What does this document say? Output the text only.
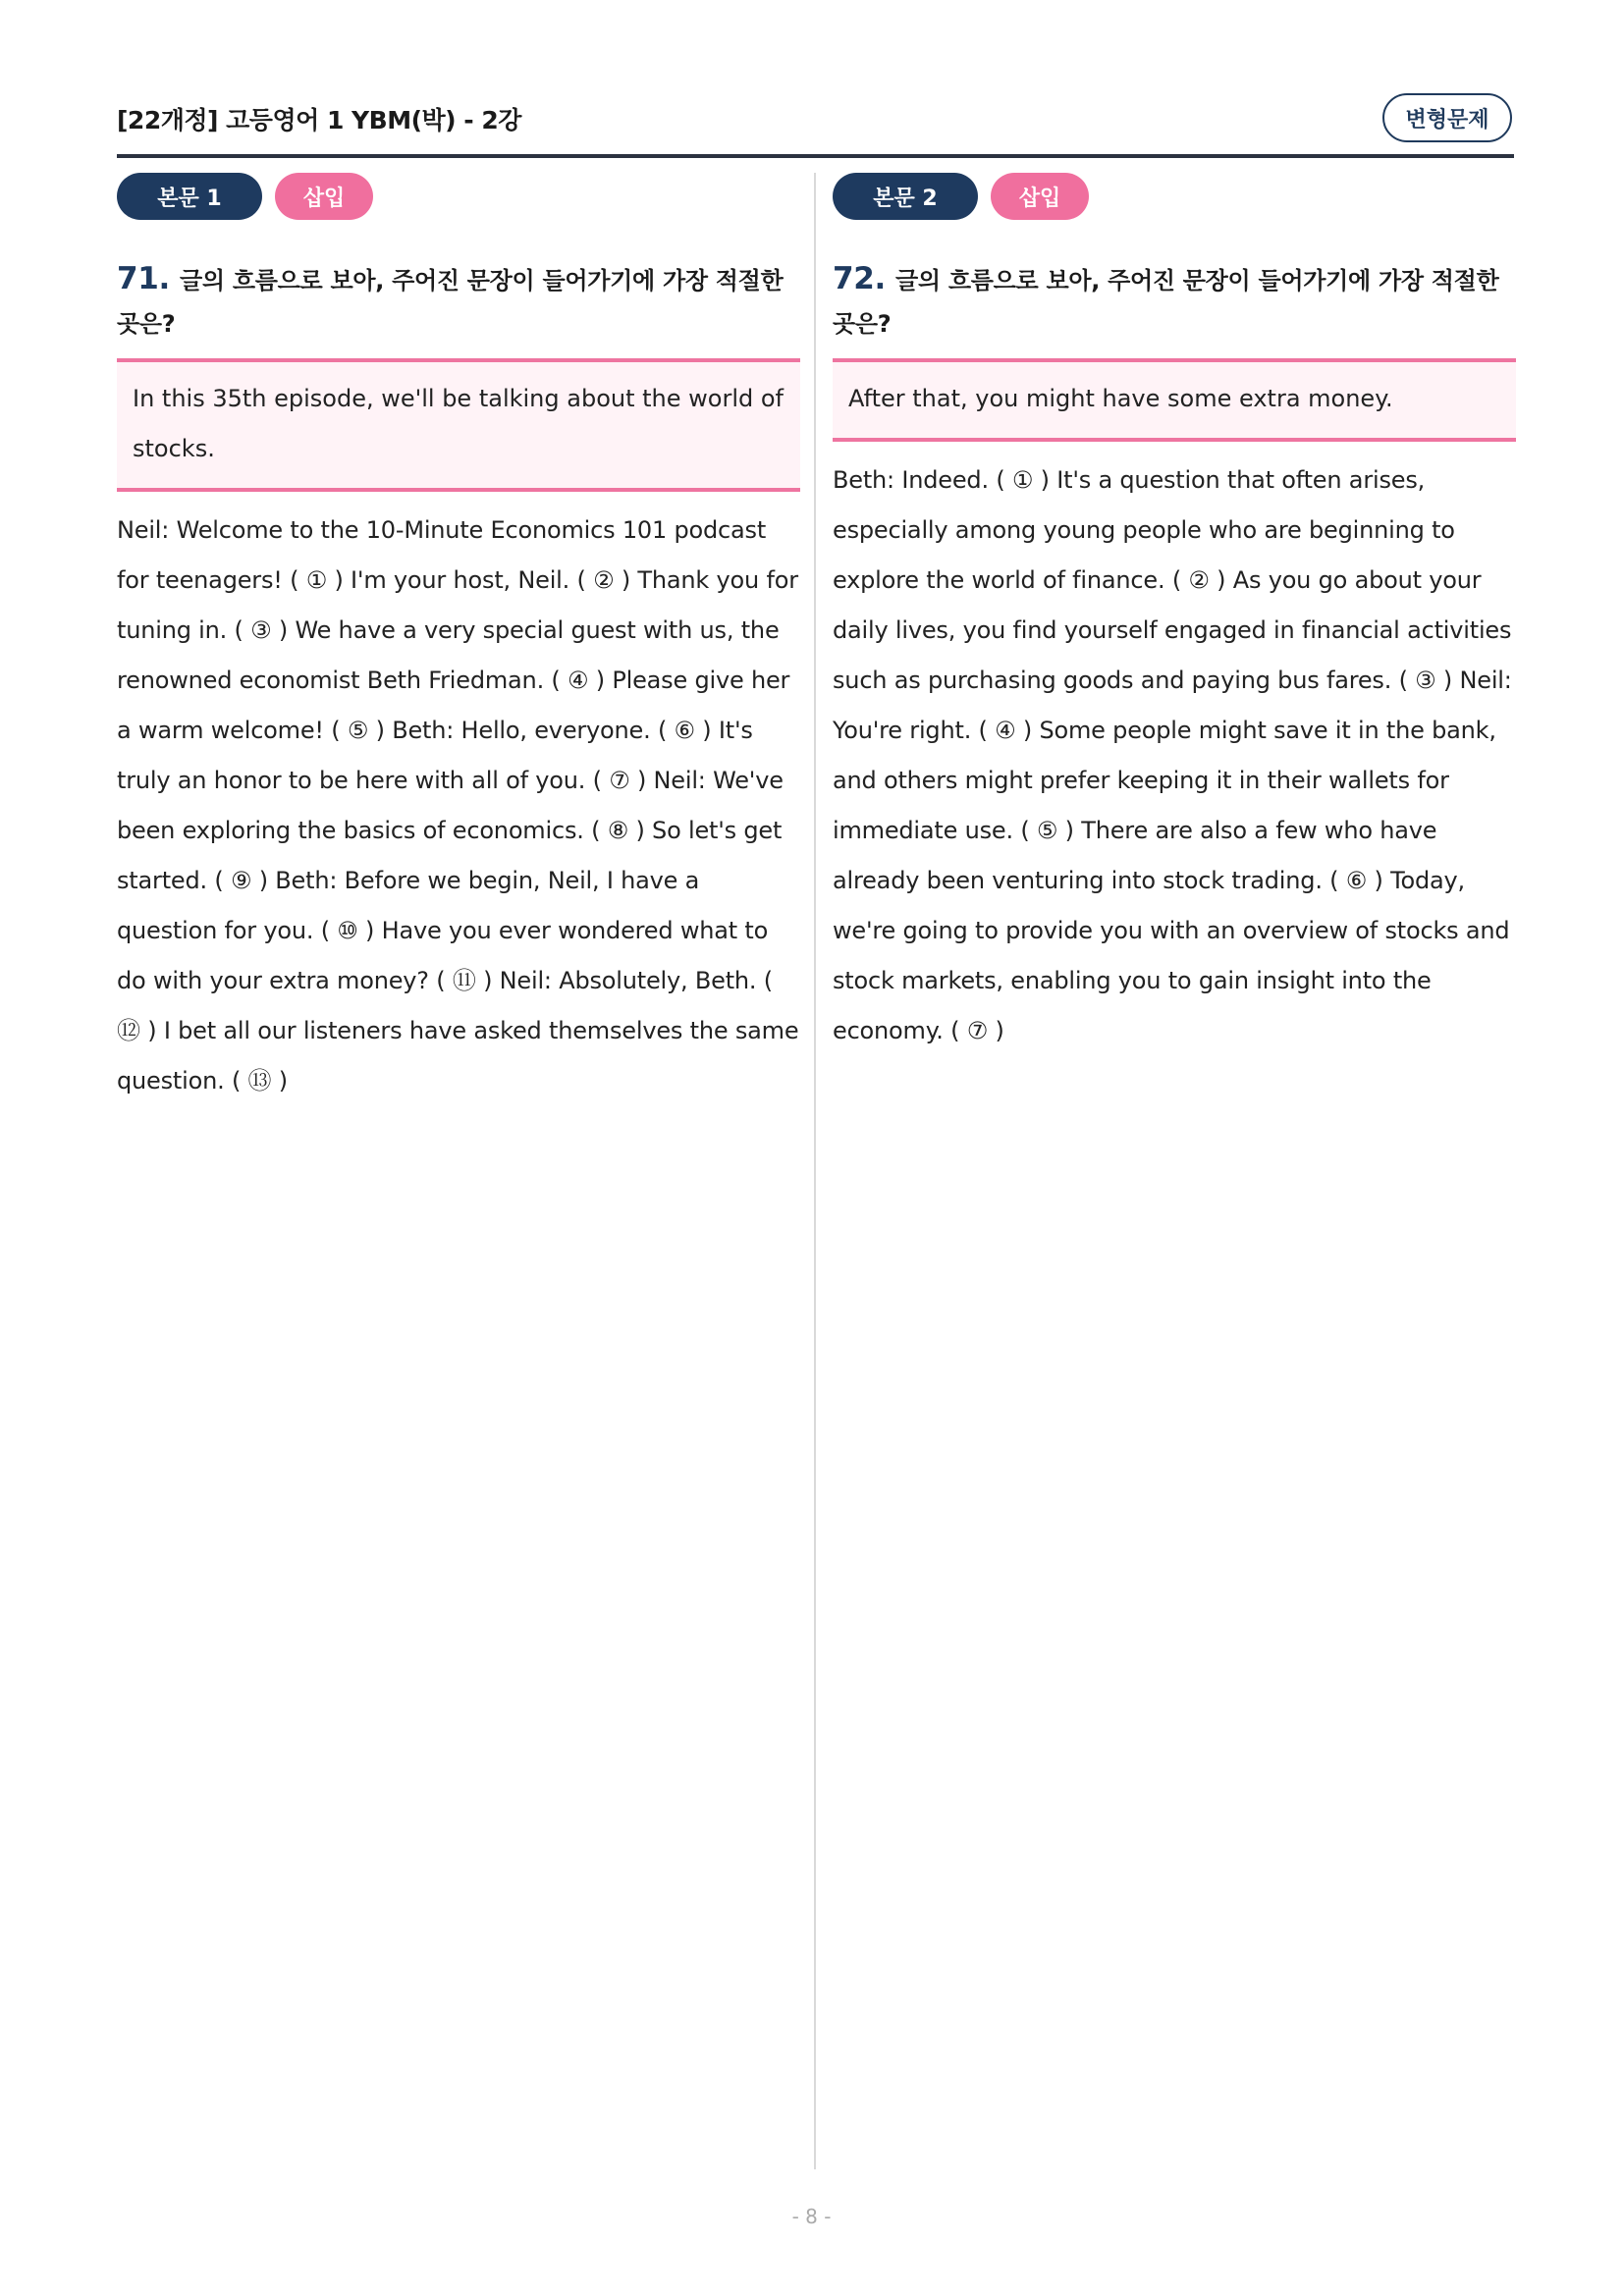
[22개정] 고등영어 1 YBM(박) - 2강	변형문제
본문 1	삽입
71. 글의 흐름으로 보아, 주어진 문장이 들어가기에 가장 적절한 곳은?
In this 35th episode, we'll be talking about the world of stocks.
Neil: Welcome to the 10-Minute Economics 101 podcast for teenagers! ( ① ) I'm your host, Neil. ( ② ) Thank you for tuning in. ( ③ ) We have a very special guest with us, the renowned economist Beth Friedman. ( ④ ) Please give her a warm welcome! ( ⑤ ) Beth: Hello, everyone. ( ⑥ ) It's truly an honor to be here with all of you. ( ⑦ ) Neil: We've been exploring the basics of economics. ( ⑧ ) So let's get started. ( ⑨ ) Beth: Before we begin, Neil, I have a question for you. ( ⑩ ) Have you ever wondered what to do with your extra money? ( ⑪ ) Neil: Absolutely, Beth. ( ⑫ ) I bet all our listeners have asked themselves the same question. ( ⑬ )
본문 2	삽입
72. 글의 흐름으로 보아, 주어진 문장이 들어가기에 가장 적절한 곳은?
After that, you might have some extra money.
Beth: Indeed. ( ① ) It's a question that often arises, especially among young people who are beginning to explore the world of finance. ( ② ) As you go about your daily lives, you find yourself engaged in financial activities such as purchasing goods and paying bus fares. ( ③ ) Neil: You're right. ( ④ ) Some people might save it in the bank, and others might prefer keeping it in their wallets for immediate use. ( ⑤ ) There are also a few who have already been venturing into stock trading. ( ⑥ ) Today, we're going to provide you with an overview of stocks and stock markets, enabling you to gain insight into the economy. ( ⑦ )
- 8 -
